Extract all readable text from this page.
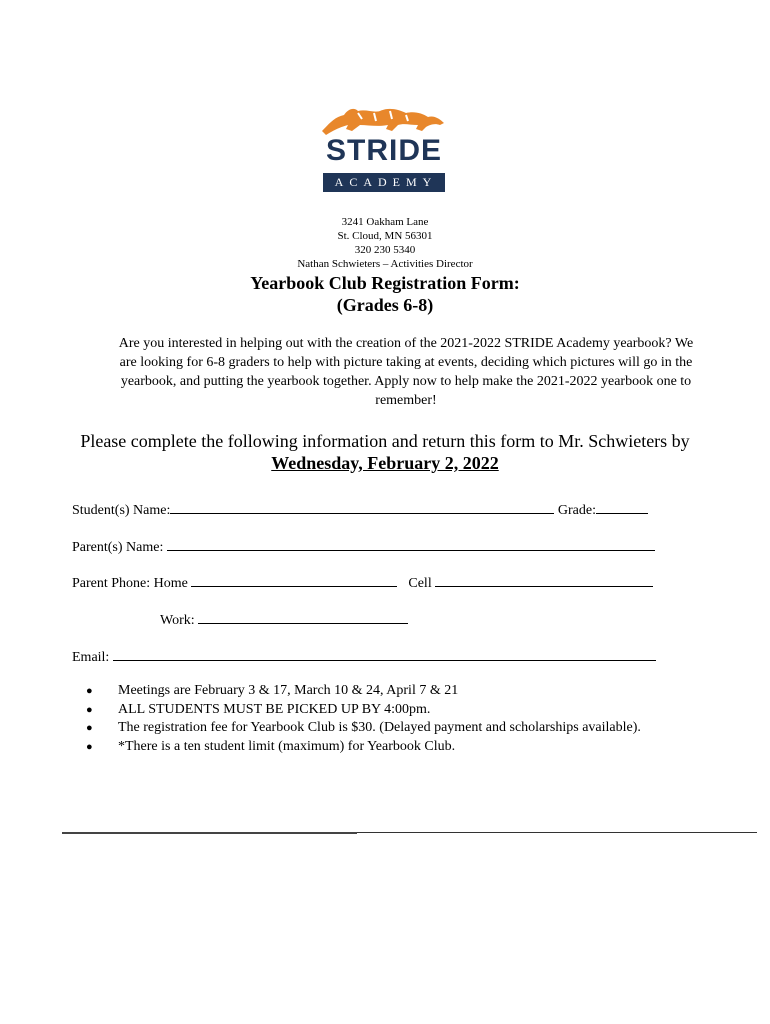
STRIDE
ACADEMY
3241 Oakham Lane
St. Cloud, MN 56301
320 230 5340
Nathan Schwieters – Activities Director
Yearbook Club Registration Form:
(Grades 6-8)
Are you interested in helping out with the creation of the 2021-2022 STRIDE Academy yearbook? We are looking for 6-8 graders to help with picture taking at events, deciding which pictures will go in the yearbook, and putting the yearbook together. Apply now to help make the 2021-2022 yearbook one to remember!
Please complete the following information and return this form to Mr. Schwieters by
Wednesday, February 2, 2022
Student(s) Name:	Grade:
Parent(s) Name:
Parent Phone: Home	Cell
Work:
Email:
● Meetings are February 3 & 17, March 10 & 24, April 7 & 21
● ALL STUDENTS MUST BE PICKED UP BY 4:00pm.
● The registration fee for Yearbook Club is $30. (Delayed payment and scholarships available).
● *There is a ten student limit (maximum) for Yearbook Club.
